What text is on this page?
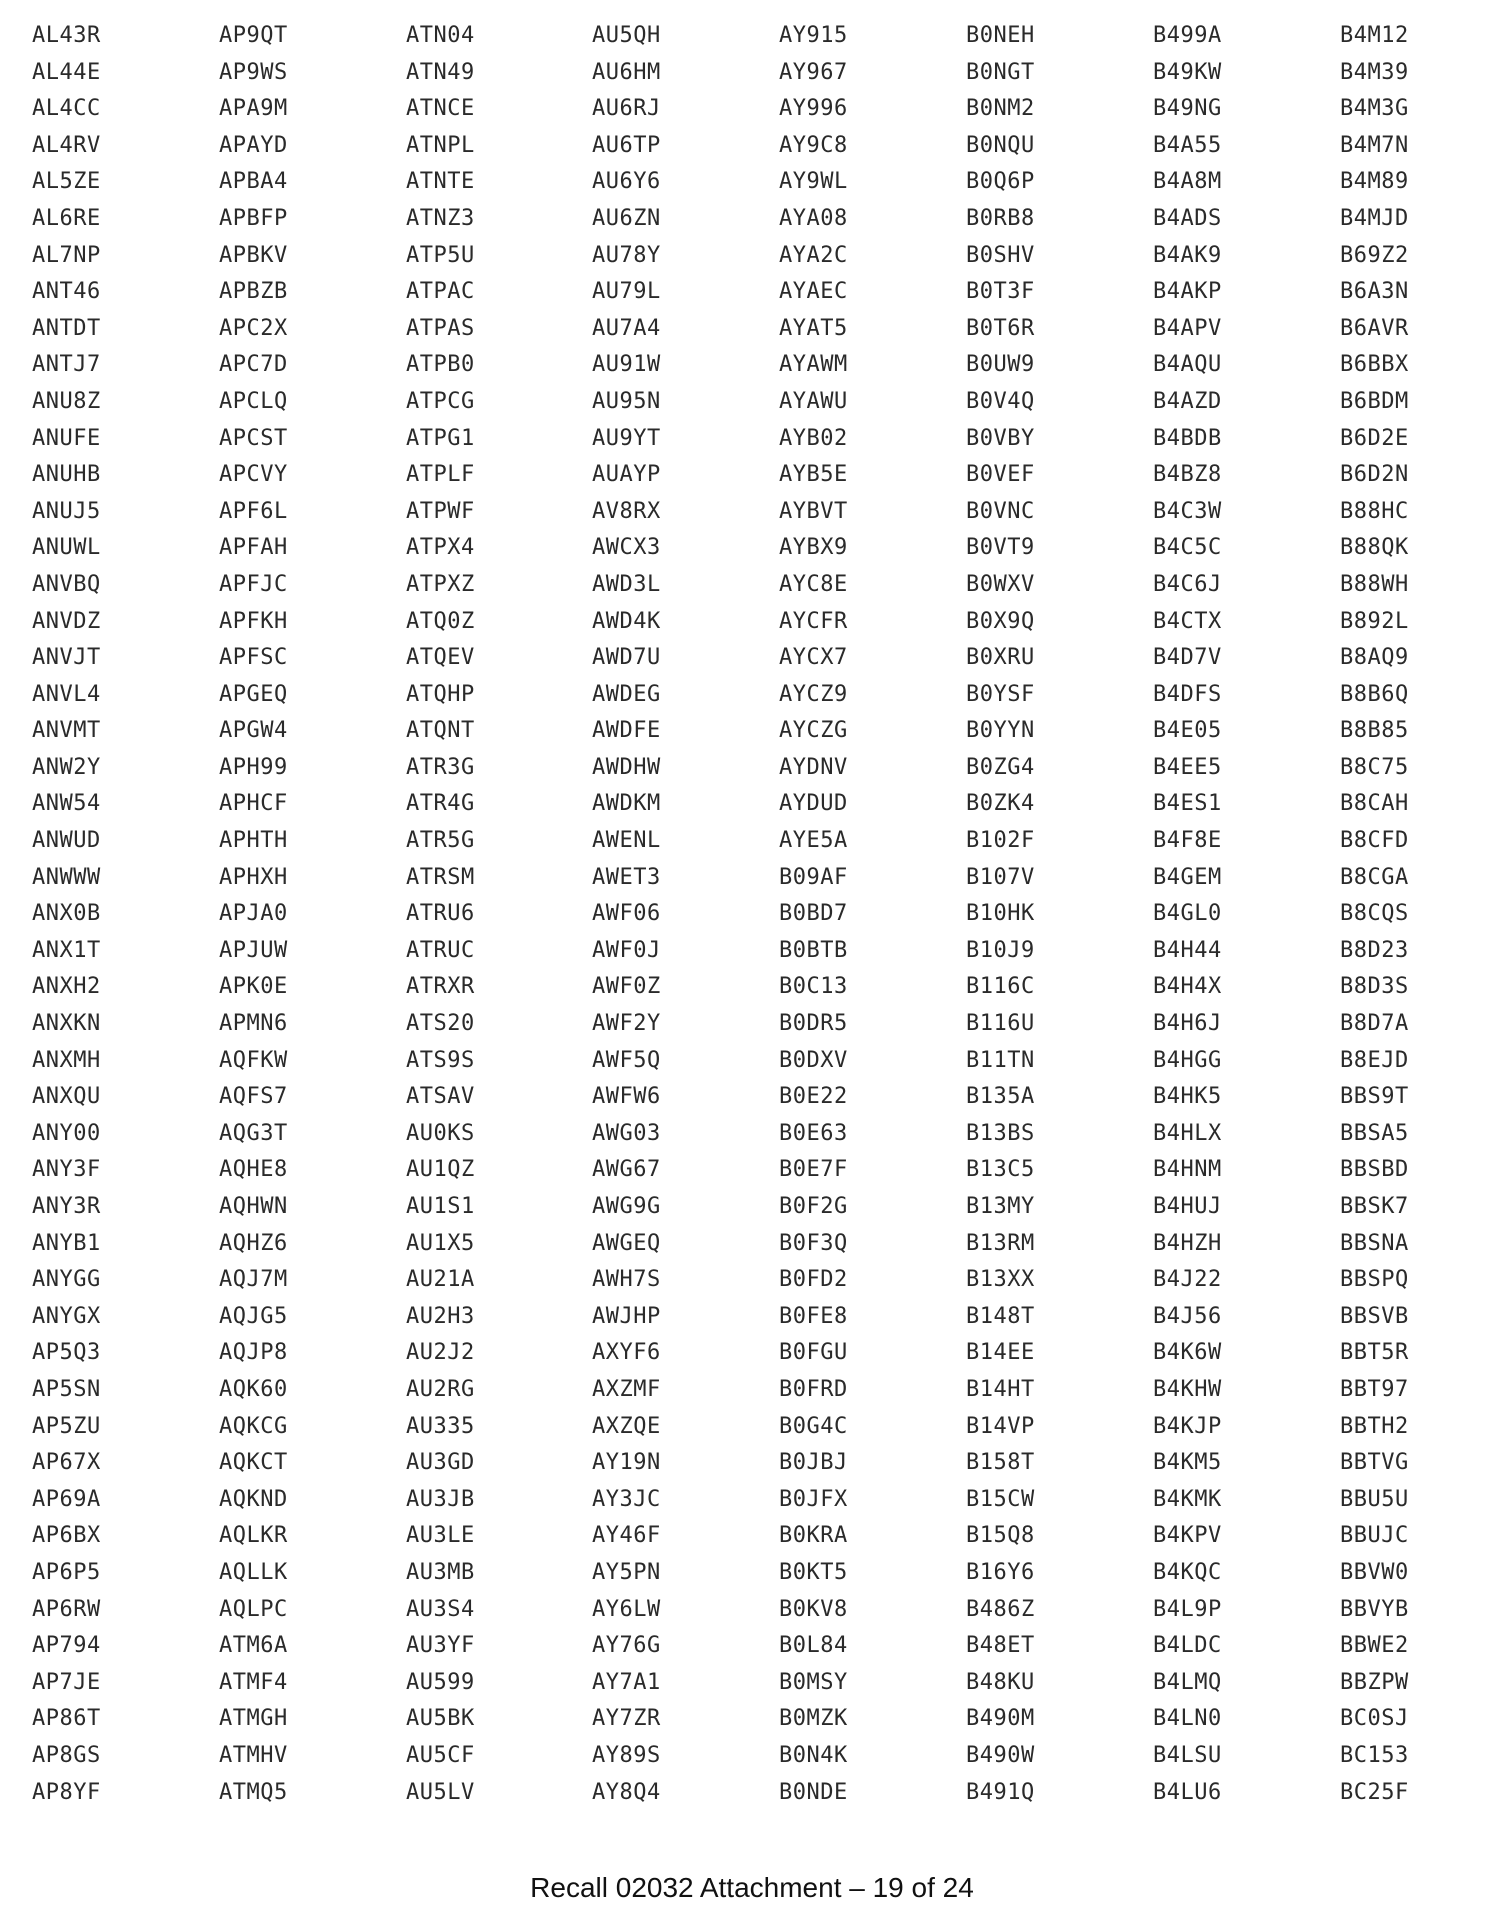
AL43R
AL44E
AL4CC
AL4RV
AL5ZE
AL6RE
AL7NP
ANT46
ANTDT
ANTJ7
ANU8Z
ANUFE
ANUHB
ANUJ5
ANUWL
ANVBQ
ANVDZ
ANVJT
ANVL4
ANVMT
ANW2Y
ANW54
ANWUD
ANWWW
ANX0B
ANX1T
ANXH2
ANXKN
ANXMH
ANXQU
ANY00
ANY3F
ANY3R
ANYB1
ANYGG
ANYGX
AP5Q3
AP5SN
AP5ZU
AP67X
AP69A
AP6BX
AP6P5
AP6RW
AP794
AP7JE
AP86T
AP8GS
AP8YF
AP9QT
AP9WS
APA9M
APAYD
APBA4
APBFP
APBKV
APBZB
APC2X
APC7D
APCLQ
APCST
APCVY
APF6L
APFAH
APFJC
APFKH
APFSC
APGEQ
APGW4
APH99
APHCF
APHTH
APHXH
APJA0
APJUW
APK0E
APMN6
AQFKW
AQFS7
AQG3T
AQHE8
AQHWN
AQHZ6
AQJ7M
AQJG5
AQJP8
AQK60
AQKCG
AQKCT
AQKND
AQLKR
AQLLK
AQLPC
ATM6A
ATMF4
ATMGH
ATMHV
ATMQ5
ATN04
ATN49
ATNCE
ATNPL
ATNTE
ATNZ3
ATP5U
ATPAC
ATPAS
ATPB0
ATPCG
ATPG1
ATPLF
ATPWF
ATPX4
ATPXZ
ATQ0Z
ATQEV
ATQHP
ATQNT
ATR3G
ATR4G
ATR5G
ATRSM
ATRU6
ATRUC
ATRXR
ATS20
ATS9S
ATSAV
AU0KS
AU1QZ
AU1S1
AU1X5
AU21A
AU2H3
AU2J2
AU2RG
AU335
AU3GD
AU3JB
AU3LE
AU3MB
AU3S4
AU3YF
AU599
AU5BK
AU5CF
AU5LV
AU5QH
AU6HM
AU6RJ
AU6TP
AU6Y6
AU6ZN
AU78Y
AU79L
AU7A4
AU91W
AU95N
AU9YT
AUAYP
AV8RX
AWCX3
AWD3L
AWD4K
AWD7U
AWDEG
AWDFE
AWDHW
AWDKM
AWENL
AWET3
AWF06
AWF0J
AWF0Z
AWF2Y
AWF5Q
AWFW6
AWG03
AWG67
AWG9G
AWGEQ
AWH7S
AWJHP
AXYF6
AXZMF
AXZQE
AY19N
AY3JC
AY46F
AY5PN
AY6LW
AY76G
AY7A1
AY7ZR
AY89S
AY8Q4
AY915
AY967
AY996
AY9C8
AY9WL
AYA08
AYA2C
AYAEC
AYAT5
AYAWM
AYAWU
AYB02
AYB5E
AYBVT
AYBX9
AYC8E
AYCFR
AYCX7
AYCZ9
AYCZG
AYDNV
AYDUD
AYE5A
B09AF
B0BD7
B0BTB
B0C13
B0DR5
B0DXV
B0E22
B0E63
B0E7F
B0F2G
B0F3Q
B0FD2
B0FE8
B0FGU
B0FRD
B0G4C
B0JBJ
B0JFX
B0KRA
B0KT5
B0KV8
B0L84
B0MSY
B0MZK
B0N4K
B0NDE
B0NEH
B0NGT
B0NM2
B0NQU
B0Q6P
B0RB8
B0SHV
B0T3F
B0T6R
B0UW9
B0V4Q
B0VBY
B0VEF
B0VNC
B0VT9
B0WXV
B0X9Q
B0XRU
B0YSF
B0YYN
B0ZG4
B0ZK4
B102F
B107V
B10HK
B10J9
B116C
B116U
B11TN
B135A
B13BS
B13C5
B13MY
B13RM
B13XX
B148T
B14EE
B14HT
B14VP
B158T
B15CW
B15Q8
B16Y6
B486Z
B48ET
B48KU
B490M
B490W
B491Q
B499A
B49KW
B49NG
B4A55
B4A8M
B4ADS
B4AK9
B4AKP
B4APV
B4AQU
B4AZD
B4BDB
B4BZ8
B4C3W
B4C5C
B4C6J
B4CTX
B4D7V
B4DFS
B4E05
B4EE5
B4ES1
B4F8E
B4GEM
B4GL0
B4H44
B4H4X
B4H6J
B4HGG
B4HK5
B4HLX
B4HNM
B4HUJ
B4HZH
B4J22
B4J56
B4K6W
B4KHW
B4KJP
B4KM5
B4KMK
B4KPV
B4KQC
B4L9P
B4LDC
B4LMQ
B4LN0
B4LSU
B4LU6
B4M12
B4M39
B4M3G
B4M7N
B4M89
B4MJD
B69Z2
B6A3N
B6AVR
B6BBX
B6BDM
B6D2E
B6D2N
B88HC
B88QK
B88WH
B892L
B8AQ9
B8B6Q
B8B85
B8C75
B8CAH
B8CFD
B8CGA
B8CQS
B8D23
B8D3S
B8D7A
B8EJD
BBS9T
BBSA5
BBSBD
BBSK7
BBSNA
BBSPQ
BBSVB
BBT5R
BBT97
BBTH2
BBTVG
BBU5U
BBUJC
BBVW0
BBVYB
BBWE2
BBZPW
BC0SJ
BC153
BC25F
Recall 02032 Attachment – 19 of 24
